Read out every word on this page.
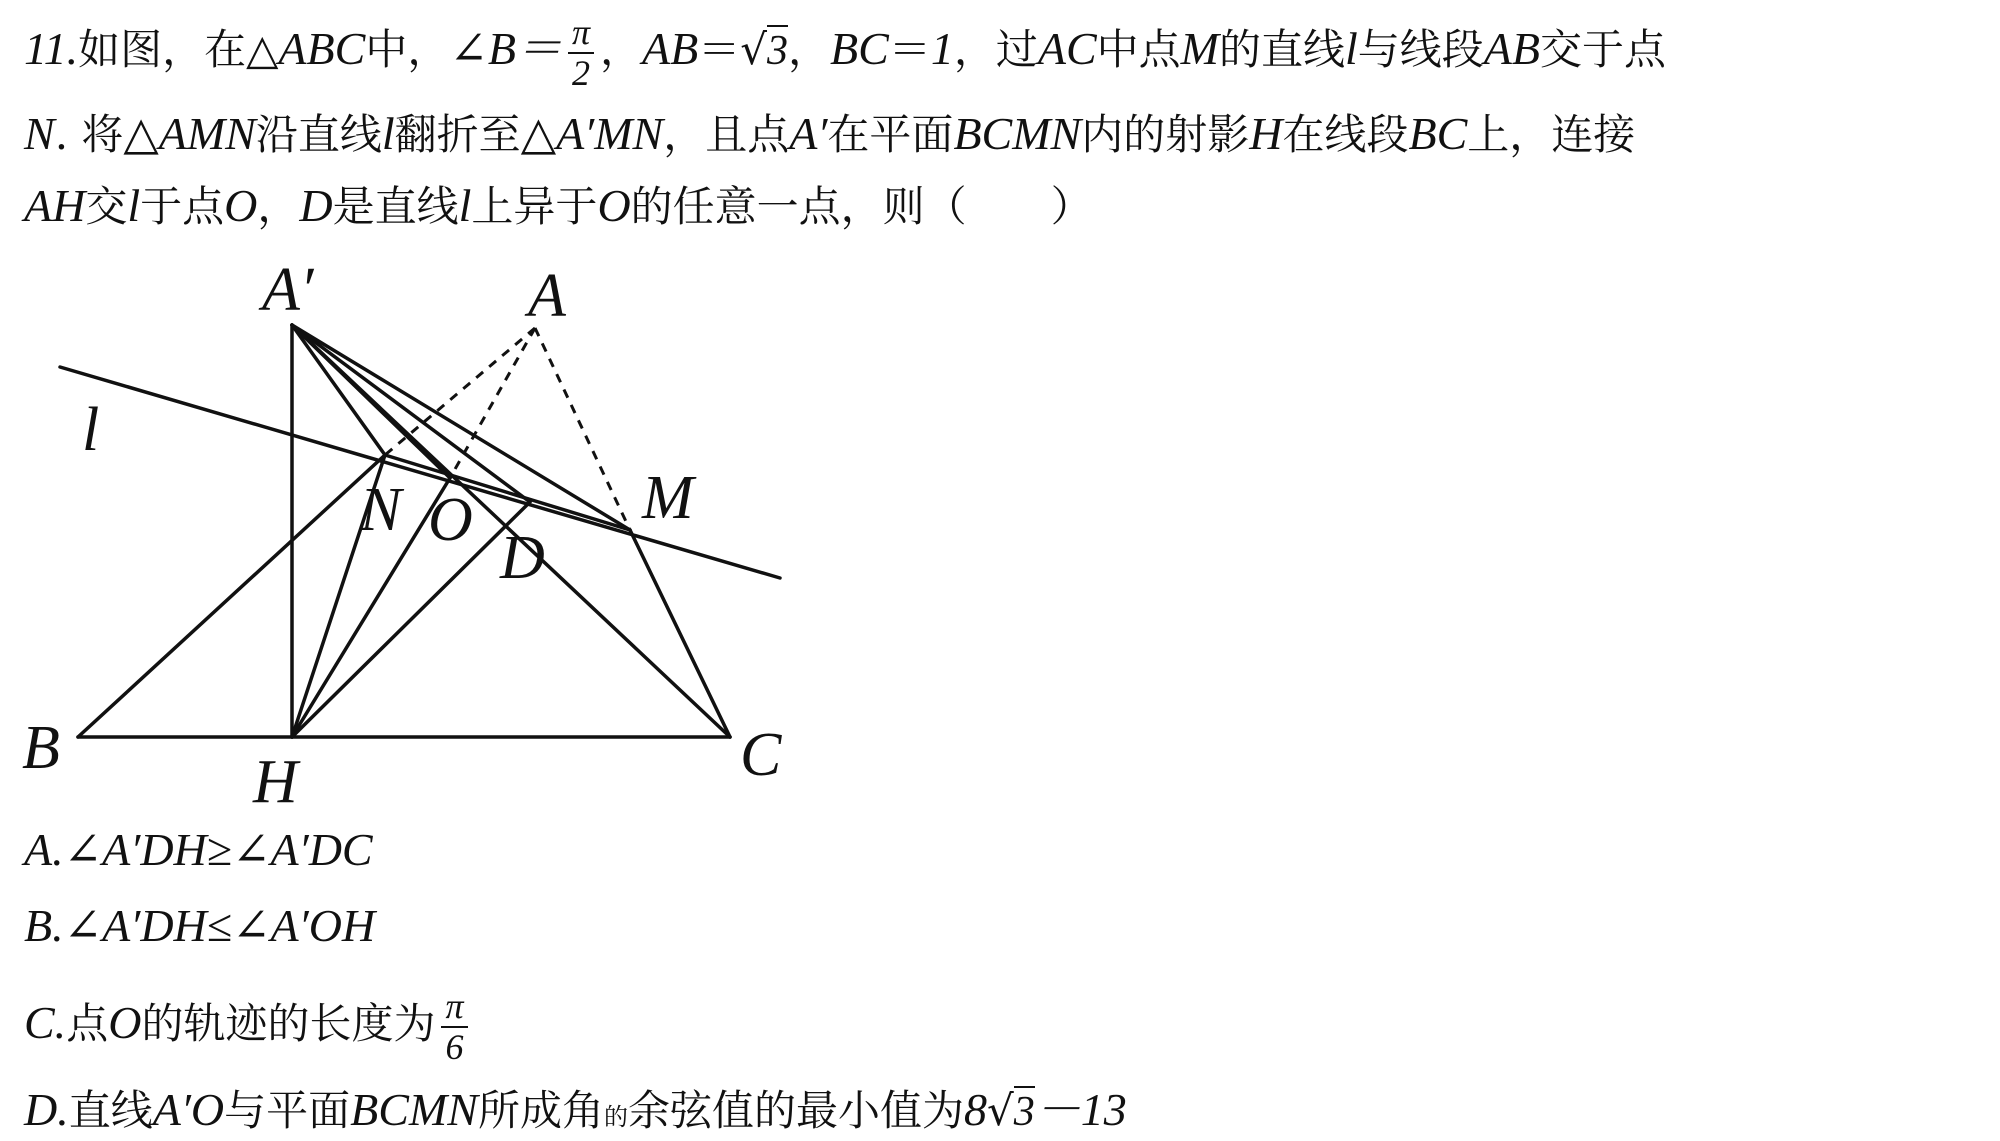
11.如图，在△ABC中，∠B＝ $\frac{\pi}{2}$ ，AB＝√3，BC＝1，过AC中点M的直线l与线段AB交于点
N. 将△AMN沿直线l翻折至△A′MN，且点A′在平面BCMN内的射影H在线段BC上，连接
AH交l于点O，D是直线l上异于O的任意一点，则（　　）
A′	A
l
N O	M
D
B	H	C
A.∠A′DH≥∠A′DC
B.∠A′DH≤∠A′OH
C.点O的轨迹的长度为 $\frac{\pi}{6}$
D.直线A′O与平面BCMN所成角的余弦值的最小值为8√3－13
